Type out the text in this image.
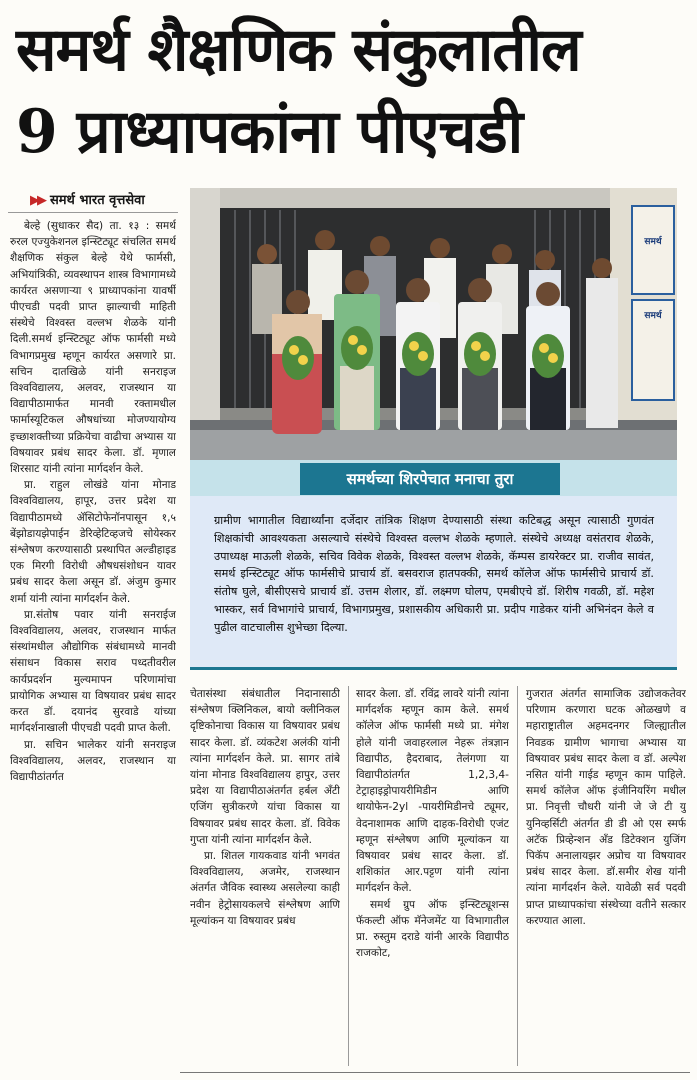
समर्थ शैक्षणिक संकुलातील
9 प्राध्यापकांना पीएचडी
▶▶ समर्थ भारत वृत्तसेवा

बेल्हे (सुधाकर सैद) ता. १३ : समर्थ रुरल एज्युकेशनल इन्स्टिट्यूट संचलित समर्थ शैक्षणिक संकुल बेल्हे येथे फार्मसी, अभियांत्रिकी, व्यवस्थापन शास्त्र विभागामध्ये कार्यरत असणाऱ्या ९ प्राध्यापकांना यावर्षी पीएचडी पदवी प्राप्त झाल्याची माहिती संस्थेचे विश्वस्त वल्लभ शेळके यांनी दिली.समर्थ इन्स्टिट्यूट ऑफ फार्मसी मध्ये विभागप्रमुख म्हणून कार्यरत असणारे प्रा. सचिन दातखिळे यांनी सनराइज विश्वविद्यालय, अलवर, राजस्थान या विद्यापीठामार्फत मानवी रक्तामधील फार्मास्यूटिकल औषधांच्या मोजण्यायोग्य इच्छाशक्तीच्या प्रक्रियेचा वाढीचा अभ्यास या विषयावर प्रबंध सादर केला. डॉ. मृणाल शिरसाट यांनी त्यांना मार्गदर्शन केले.

प्रा. राहुल लोखंडे यांना मोनाड विश्वविद्यालय, हापूर, उत्तर प्रदेश या विद्यापीठामध्ये ॲसिटोफेनॉनपासून १,५ बेंझोडायझेपाईन डेरिव्हेटिव्हजचे सोयेस्कर संश्लेषण करण्यासाठी प्रस्थापित अल्डीहाइड एक मिरगी विरोधी औषधसंशोधन यावर प्रबंध सादर केला असून डॉ. अंजुम कुमार शर्मा यांनी त्यांना मार्गदर्शन केले.

प्रा.संतोष पवार यांनी सनराईज विश्वविद्यालय, अलवर, राजस्थान मार्फत संस्थांमधील औद्योगिक संबंधामध्ये मानवी संसाधन विकास सराव पध्दतीवरील कार्यप्रदर्शन मुल्यमापन परिणामांचा प्रायोगिक अभ्यास या विषयावर प्रबंध सादर करत डॉ. दयानंद सुरवाडे यांच्या मार्गदर्शनाखाली पीएचडी पदवी प्राप्त केली.

प्रा. सचिन भालेकर यांनी सनराइज विश्वविद्यालय, अलवर, राजस्थान या विद्यापीठांतर्गत

समर्थ
समर्थ
समर्थच्या शिरपेचात मनाचा तुरा
ग्रामीण भागातील विद्यार्थ्यांना दर्जेदार तांत्रिक शिक्षण देण्यासाठी संस्था कटिबद्ध असून त्यासाठी गुणवंत शिक्षकांची आवश्यकता असल्याचे संस्थेचे विश्वस्त वल्लभ शेळके म्हणाले. संस्थेचे अध्यक्ष वसंतराव शेळके, उपाध्यक्ष माऊली शेळके, सचिव विवेक शेळके, विश्वस्त वल्लभ शेळके, कॅम्पस डायरेक्टर प्रा. राजीव सावंत, समर्थ इन्स्टिट्यूट ऑफ फार्मसीचे प्राचार्य डॉ. बसवराज हातपक्की, समर्थ कॉलेज ऑफ फार्मसीचे प्राचार्य डॉ. संतोष घुले, बीसीएसचे प्राचार्य डॉ. उत्तम शेलार, डॉ. लक्ष्मण घोलप, एमबीएचे डॉ. शिरीष गवळी, डॉ. महेश भास्कर, सर्व विभागांचे प्राचार्य, विभागप्रमुख, प्रशासकीय अधिकारी प्रा. प्रदीप गाडेकर यांनी अभिनंदन केले व पुढील वाटचालीस शुभेच्छा दिल्या.

चेतासंस्था संबंधातील निदानासाठी संश्लेषण क्लिनिकल, बायो क्लीनिकल दृष्टिकोनाचा विकास या विषयावर प्रबंध सादर केला. डॉ. व्यंकटेश अलंकी यांनी त्यांना मार्गदर्शन केले. प्रा. सागर तांबे यांना मोनाड विश्वविद्यालय हापुर, उत्तर प्रदेश या विद्यापीठाअंतर्गत हर्बल अँटी एजिंग सुत्रीकरणे यांचा विकास या विषयावर प्रबंध सादर केला. डॉ. विवेक गुप्ता यांनी त्यांना मार्गदर्शन केले.

प्रा. शितल गायकवाड यांनी भगवंत विश्वविद्यालय, अजमेर, राजस्थान अंतर्गत जैविक स्वास्थ्य असलेल्या काही नवीन हेट्रोसायकलचे संश्लेषण आणि मूल्यांकन या विषयावर प्रबंध

सादर केला. डॉ. रविंद्र लावरे यांनी त्यांना मार्गदर्शक म्हणून काम केले. समर्थ कॉलेज ऑफ फार्मसी मध्ये प्रा. मंगेश होले यांनी जवाहरलाल नेहरू तंत्रज्ञान विद्यापीठ, हैदराबाद, तेलंगणा या विद्यापीठांतर्गत 1,2,3,4-टेट्राहाइड्रोपायरीमिडीन आणि थायोफेन-2yl -पायरीमिडीनचे ट्यूमर, वेदनाशामक आणि दाहक-विरोधी एजंट म्हणून संश्लेषण आणि मूल्यांकन या विषयावर प्रबंध सादर केला. डॉ. शशिकांत आर.पट्टण यांनी त्यांना मार्गदर्शन केले.

समर्थ ग्रुप ऑफ इन्स्टिट्यूशन्स फॅकल्टी ऑफ मॅनेजमेंट या विभागातील प्रा. रुस्तुम दराडे यांनी आरके विद्यापीठ राजकोट,

गुजरात अंतर्गत सामाजिक उद्योजकतेवर परिणाम करणारा घटक ओळखणे व महाराष्ट्रातील अहमदनगर जिल्ह्यातील निवडक ग्रामीण भागाचा अभ्यास या विषयावर प्रबंध सादर केला व डॉ. अल्पेश नसित यांनी गाईड म्हणून काम पाहिले. समर्थ कॉलेज ऑफ इंजीनियरिंग मधील प्रा. निवृत्ती चौधरी यांनी जे जे टी यु युनिव्हर्सिटी अंतर्गत डी डी ओ एस स्मर्फ अटॅक प्रिव्हेन्शन अँड डिटेक्शन युजिंग पिकॅप अनालायझर अप्रोच या विषयावर प्रबंध सादर केला. डॉ.समीर शेख यांनी त्यांना मार्गदर्शन केले. यावेळी सर्व पदवी प्राप्त प्राध्यापकांचा संस्थेच्या वतीने सत्कार करण्यात आला.
